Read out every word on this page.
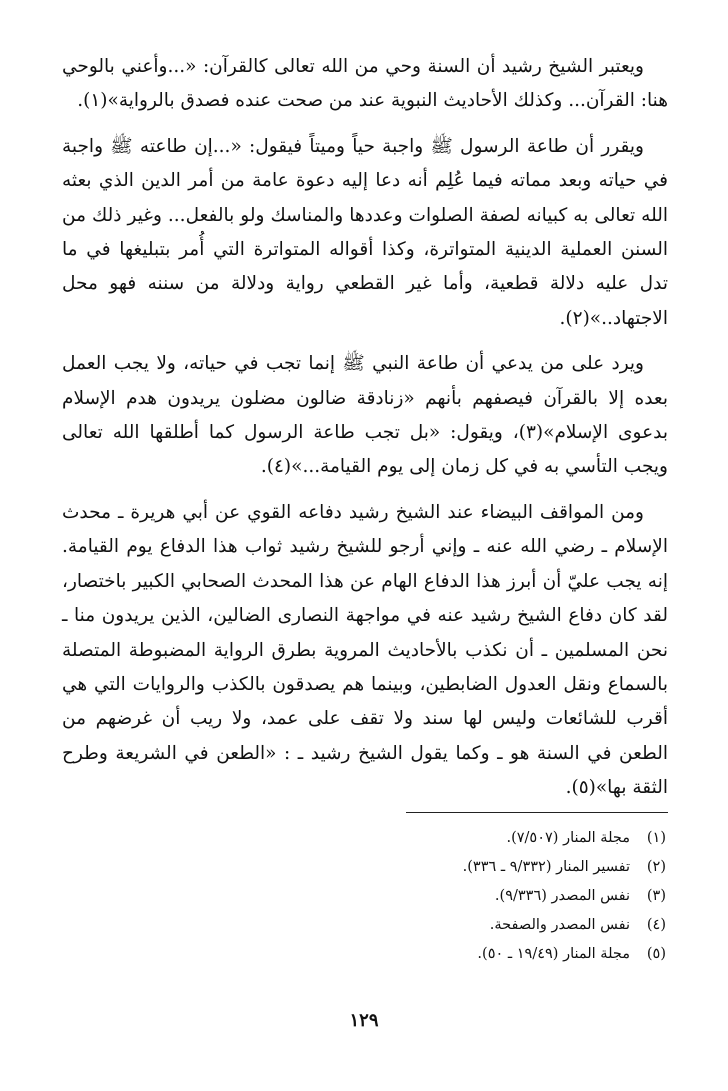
ويعتبر الشيخ رشيد أن السنة وحي من الله تعالى كالقرآن: «...وأعني بالوحي هنا: القرآن... وكذلك الأحاديث النبوية عند من صحت عنده فصدق بالرواية»(١).

ويقرر أن طاعة الرسول ﷺ واجبة حياً وميتاً فيقول: «...إن طاعته ﷺ واجبة في حياته وبعد مماته فيما عُلِم أنه دعا إليه دعوة عامة من أمر الدين الذي بعثه الله تعالى به كبيانه لصفة الصلوات وعددها والمناسك ولو بالفعل... وغير ذلك من السنن العملية الدينية المتواترة، وكذا أقواله المتواترة التي أُمر بتبليغها في ما تدل عليه دلالة قطعية، وأما غير القطعي رواية ودلالة من سننه فهو محل الاجتهاد..»(٢).

ويرد على من يدعي أن طاعة النبي ﷺ إنما تجب في حياته، ولا يجب العمل بعده إلا بالقرآن فيصفهم بأنهم «زنادقة ضالون مضلون يريدون هدم الإسلام بدعوى الإسلام»(٣)، ويقول: «بل تجب طاعة الرسول كما أطلقها الله تعالى ويجب التأسي به في كل زمان إلى يوم القيامة...»(٤).

ومن المواقف البيضاء عند الشيخ رشيد دفاعه القوي عن أبي هريرة ـ محدث الإسلام ـ رضي الله عنه ـ وإني أرجو للشيخ رشيد ثواب هذا الدفاع يوم القيامة. إنه يجب عليّ أن أبرز هذا الدفاع الهام عن هذا المحدث الصحابي الكبير باختصار، لقد كان دفاع الشيخ رشيد عنه في مواجهة النصارى الضالين، الذين يريدون منا ـ نحن المسلمين ـ أن نكذب بالأحاديث المروية بطرق الرواية المضبوطة المتصلة بالسماع ونقل العدول الضابطين، وبينما هم يصدقون بالكذب والروايات التي هي أقرب للشائعات وليس لها سند ولا تقف على عمد، ولا ريب أن غرضهم من الطعن في السنة هو ـ وكما يقول الشيخ رشيد ـ : «الطعن في الشريعة وطرح الثقة بها»(٥).

(١)
مجلة المنار (٧/٥٠٧).
(٢)
تفسير المنار (٩/٣٣٢ ـ ٣٣٦).
(٣)
نفس المصدر (٩/٣٣٦).
(٤)
نفس المصدر والصفحة.
(٥)
مجلة المنار (١٩/٤٩ ـ ٥٠).
١٢٩
